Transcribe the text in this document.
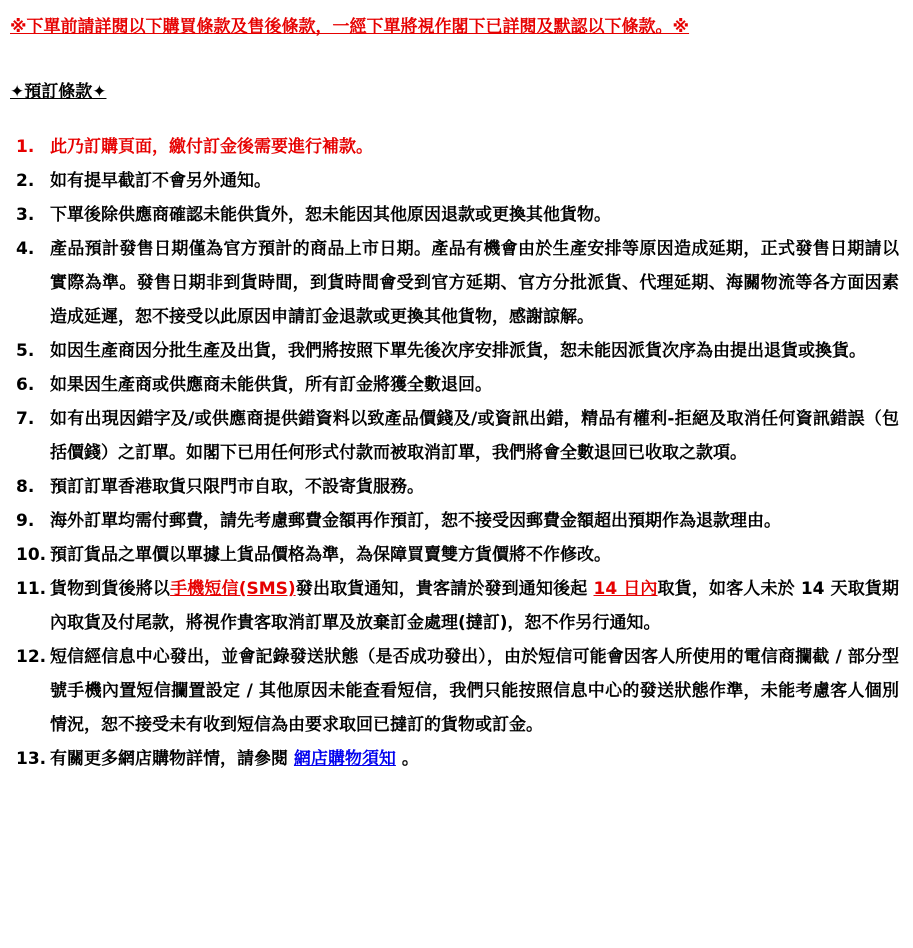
※下單前請詳閱以下購買條款及售後條款，一經下單將視作閣下已詳閱及默認以下條款。※
✦預訂條款✦
1. 此乃訂購頁面，繳付訂金後需要進行補款。
2. 如有提早截訂不會另外通知。
3. 下單後除供應商確認未能供貨外，恕未能因其他原因退款或更換其他貨物。
4. 產品預計發售日期僅為官方預計的商品上市日期。產品有機會由於生產安排等原因造成延期，正式發售日期請以實際為準。發售日期非到貨時間，到貨時間會受到官方延期、官方分批派貨、代理延期、海關物流等各方面因素造成延遲，恕不接受以此原因申請訂金退款或更換其他貨物，感謝諒解。
5. 如因生產商因分批生產及出貨，我們將按照下單先後次序安排派貨，恕未能因派貨次序為由提出退貨或換貨。
6. 如果因生產商或供應商未能供貨，所有訂金將獲全數退回。
7. 如有出現因錯字及/或供應商提供錯資料以致產品價錢及/或資訊出錯，精品有權利-拒絕及取消任何資訊錯誤（包括價錢）之訂單。如閣下已用任何形式付款而被取消訂單，我們將會全數退回已收取之款項。
8. 預訂訂單香港取貨只限門市自取，不設寄貨服務。
9. 海外訂單均需付郵費，請先考慮郵費金額再作預訂，恕不接受因郵費金額超出預期作為退款理由。
10. 預訂貨品之單價以單據上貨品價格為準，為保障買賣雙方貨價將不作修改。
11. 貨物到貨後將以手機短信(SMS)發出取貨通知，貴客請於發到通知後起 14 日內取貨，如客人未於 14 天取貨期內取貨及付尾款，將視作貴客取消訂單及放棄訂金處理(撻訂)，恕不作另行通知。
12. 短信經信息中心發出，並會記錄發送狀態（是否成功發出），由於短信可能會因客人所使用的電信商攔截 / 部分型號手機內置短信攔置設定 / 其他原因未能查看短信，我們只能按照信息中心的發送狀態作準，未能考慮客人個別情況，恕不接受未有收到短信為由要求取回已撻訂的貨物或訂金。
13. 有關更多網店購物詳情，請參閱 網店購物須知 。
